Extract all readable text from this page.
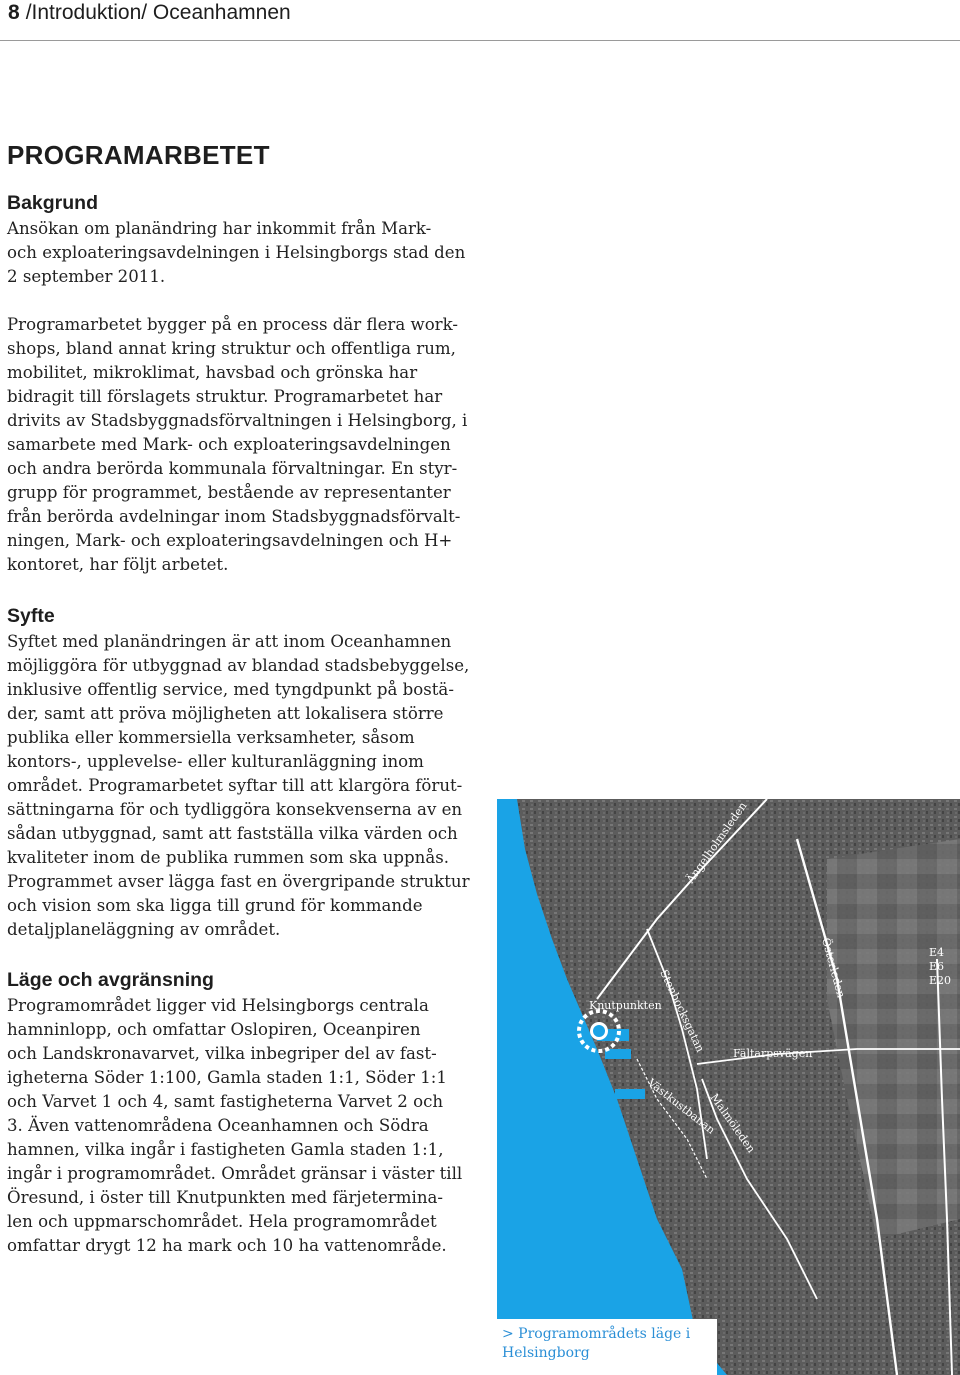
8 /Introduktion/ Oceanhamnen
PROGRAMARBETET
Bakgrund

Ansökan om planändring har inkommit från Mark-
och exploateringsavdelningen i Helsingborgs stad den
2 september 2011.

Programarbetet bygger på en process där flera work-
shops, bland annat kring struktur och offentliga rum,
mobilitet, mikroklimat, havsbad och grönska har
bidragit till förslagets struktur. Programarbetet har
drivits av Stadsbyggnadsförvaltningen i Helsingborg, i
samarbete med Mark- och exploateringsavdelningen
och andra berörda kommunala förvaltningar. En styr-
grupp för programmet, bestående av representanter
från berörda avdelningar inom Stadsbyggnadsförvalt-
ningen, Mark- och exploateringsavdelningen och H+
kontoret, har följt arbetet.

Syfte

Syftet med planändringen är att inom Oceanhamnen
möjliggöra för utbyggnad av blandad stadsbebyggelse,
inklusive offentlig service, med tyngdpunkt på bostä-
der, samt att pröva möjligheten att lokalisera större
publika eller kommersiella verksamheter, såsom
kontors-, upplevelse- eller kulturanläggning inom
området. Programarbetet syftar till att klargöra förut-
sättningarna för och tydliggöra konsekvenserna av en
sådan utbyggnad, samt att fastställa vilka värden och
kvaliteter inom de publika rummen som ska uppnås.
Programmet avser lägga fast en övergripande struktur
och vision som ska ligga till grund för kommande
detaljplaneläggning av området.

Läge och avgränsning

Programområdet ligger vid Helsingborgs centrala
hamninlopp, och omfattar Oslopiren, Oceanpiren
och Landskronavarvet, vilka inbegriper del av fast-
igheterna Söder 1:100, Gamla staden 1:1, Söder 1:1
och Varvet 1 och 4, samt fastigheterna Varvet 2 och
3. Även vattenområdena Oceanhamnen och Södra
hamnen, vilka ingår i fastigheten Gamla staden 1:1,
ingår i programområdet. Området gränsar i väster till
Öresund, i öster till Knutpunkten med färjetermina-
len och uppmarschområdet. Hela programområdet
omfattar drygt 12 ha mark och 10 ha vattenområde.

Ängelholmsleden
Österleden	E4
E6
E20
Knutpunkten
Stenbocksgatan Fältarpsvägen
Västkustbanan
Malmöleden
> Programområdets läge i
Helsingborg
